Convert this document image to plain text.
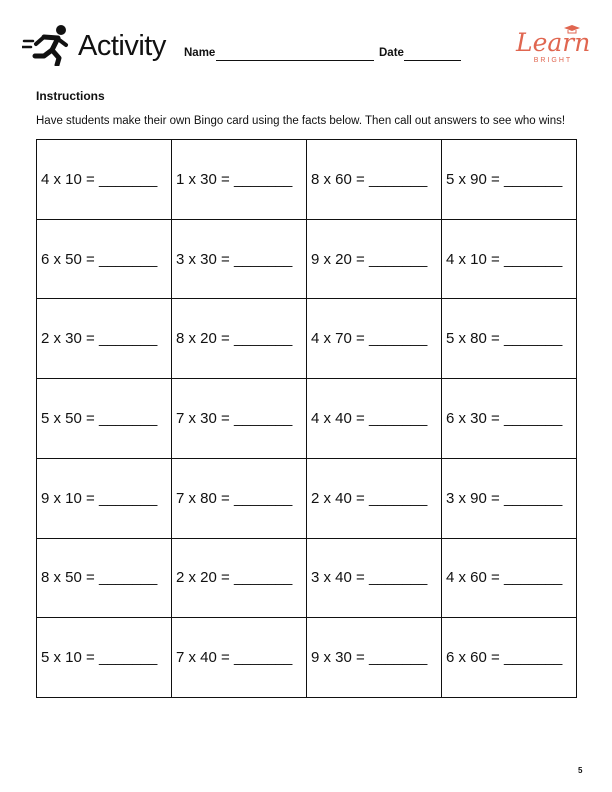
Activity Name	Date	Learn
BRIGHT
Instructions
Have students make their own Bingo card using the facts below. Then call out answers to see who wins!
4 x 10 = _______	1 x 30 = _______	8 x 60 = _______	5 x 90 = _______
6 x 50 = _______	3 x 30 = _______	9 x 20 = _______	4 x 10 = _______
2 x 30 = _______	8 x 20 = _______	4 x 70 = _______	5 x 80 = _______
5 x 50 = _______	7 x 30 = _______	4 x 40 = _______	6 x 30 = _______
9 x 10 = _______	7 x 80 = _______	2 x 40 = _______	3 x 90 = _______
8 x 50 = _______	2 x 20 = _______	3 x 40 = _______	4 x 60 = _______
5 x 10 = _______	7 x 40 = _______	9 x 30 = _______	6 x 60 = _______
5
